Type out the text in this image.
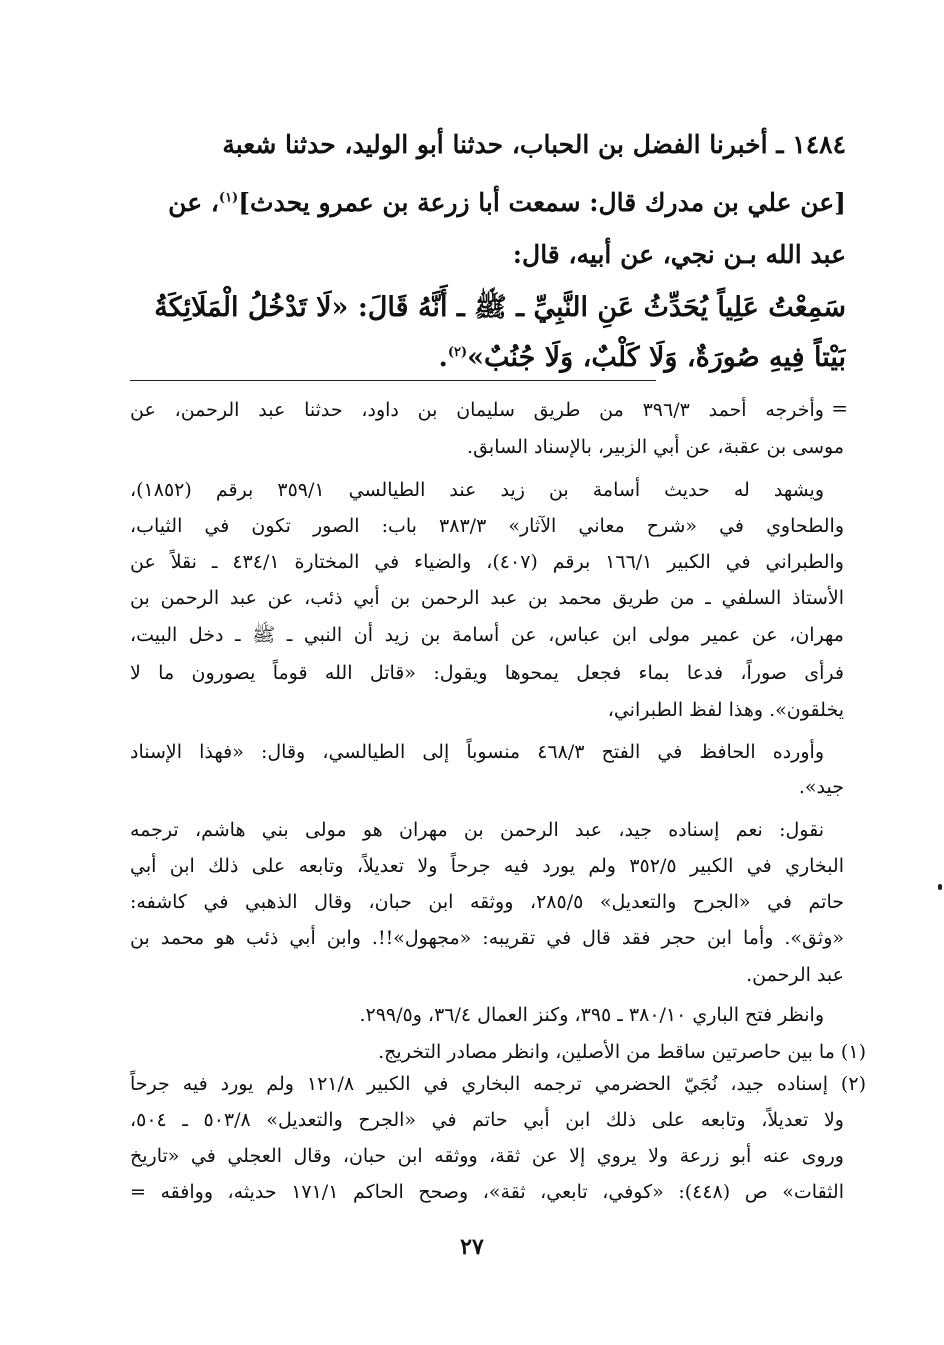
١٤٨٤ ـ أخبرنا الفضل بن الحباب، حدثنا أبو الوليد، حدثنا شعبة
[عن علي بن مدرك قال: سمعت أبا زرعة بن عمرو يحدث]$^{(١)}$، عن
عبد الله بـن نجي، عن أبيه، قال:
سَمِعْتُ عَلِياً يُحَدِّثُ عَنِ النَّبِيِّ ـ ﷺ ـ أَنَّهُ قَالَ: «لَا تَدْخُلُ الْمَلَائِكَةُ
بَيْتاً فِيهِ صُورَةٌ، وَلَا كَلْبٌ، وَلَا جُنُبٌ»$^{(٢)}$.
=
وأخرجه أحمد ٣٩٦/٣ من طريق سليمان بن داود، حدثنا عبد الرحمن، عن
موسى بن عقبة، عن أبي الزبير، بالإسناد السابق.
ويشهد له حديث أسامة بن زيد عند الطيالسي ٣٥٩/١ برقم (١٨٥٢)،
والطحاوي في «شرح معاني الآثار» ٣٨٣/٣ باب: الصور تكون في الثياب،
والطبراني في الكبير ١٦٦/١ برقم (٤٠٧)، والضياء في المختارة ٤٣٤/١ ـ نقلاً عن
الأستاذ السلفي ـ من طريق محمد بن عبد الرحمن بن أبي ذئب، عن عبد الرحمن بن
مهران، عن عمير مولى ابن عباس، عن أسامة بن زيد أن النبي ـ ﷺ ـ دخل البيت،
فرأى صوراً، فدعا بماء فجعل يمحوها ويقول: «قاتل الله قوماً يصورون ما لا
يخلقون». وهذا لفظ الطبراني،
وأورده الحافظ في الفتح ٤٦٨/٣ منسوباً إلى الطيالسي، وقال: «فهذا الإسناد
جيد».
نقول: نعم إسناده جيد، عبد الرحمن بن مهران هو مولى بني هاشم، ترجمه
البخاري في الكبير ٣٥٢/٥ ولم يورد فيه جرحاً ولا تعديلاً، وتابعه على ذلك ابن أبي
حاتم في «الجرح والتعديل» ٢٨٥/٥، ووثقه ابن حبان، وقال الذهبي في كاشفه:
«وثق». وأما ابن حجر فقد قال في تقريبه: «مجهول»!!. وابن أبي ذئب هو محمد بن
عبد الرحمن.
وانظر فتح الباري ٣٨٠/١٠ ـ ٣٩٥، وكنز العمال ٣٦/٤، و٢٩٩/٥.
(١) ما بين حاصرتين ساقط من الأصلين، وانظر مصادر التخريج.
(٢) إسناده جيد، نُجَيّ الحضرمي ترجمه البخاري في الكبير ١٢١/٨ ولم يورد فيه جرحاً
ولا تعديلاً، وتابعه على ذلك ابن أبي حاتم في «الجرح والتعديل» ٥٠٣/٨ ـ ٥٠٤،
وروى عنه أبو زرعة ولا يروي إلا عن ثقة، ووثقه ابن حبان، وقال العجلي في «تاريخ
الثقات» ص (٤٤٨): «كوفي، تابعي، ثقة»، وصحح الحاكم ١٧١/١ حديثه، ووافقه =
٢٧
